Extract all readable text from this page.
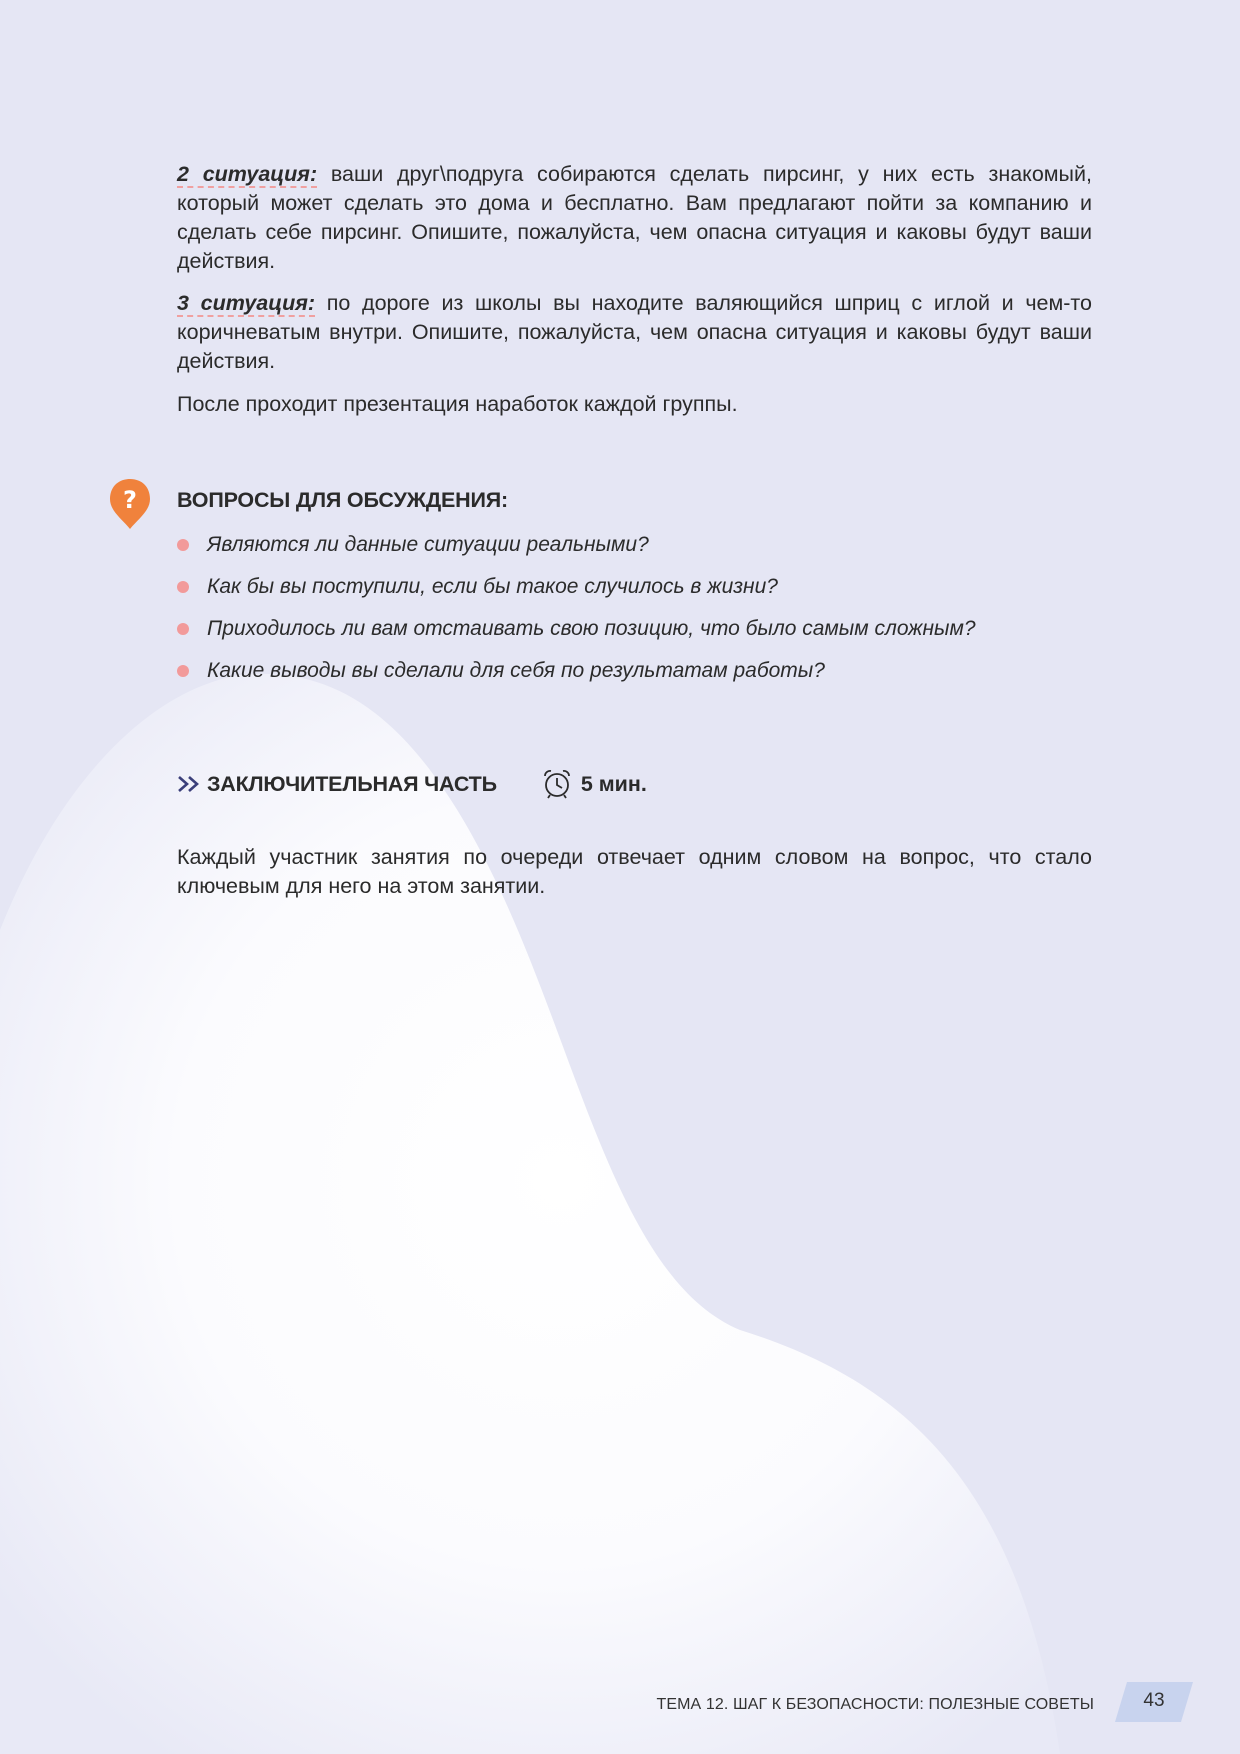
2 ситуация: ваши друг\подруга собираются сделать пирсинг, у них есть знакомый, который может сделать это дома и бесплатно. Вам предлагают пойти за компанию и сделать себе пирсинг. Опишите, пожалуйста, чем опасна ситуация и каковы будут ваши действия.

3 ситуация: по дороге из школы вы находите валяющийся шприц с иглой и чем-то коричневатым внутри. Опишите, пожалуйста, чем опасна ситуация и каковы будут ваши действия.

После проходит презентация наработок каждой группы.

? ВОПРОСЫ ДЛЯ ОБСУЖДЕНИЯ:
Являются ли данные ситуации реальными?
Как бы вы поступили, если бы такое случилось в жизни?
Приходилось ли вам отстаивать свою позицию, что было самым сложным?
Какие выводы вы сделали для себя по результатам работы?
ЗАКЛЮЧИТЕЛЬНАЯ ЧАСТЬ	5 мин.

Каждый участник занятия по очереди отвечает одним словом на вопрос, что стало ключевым для него на этом занятии.

ТЕМА 12. ШАГ К БЕЗОПАСНОСТИ: ПОЛЕЗНЫЕ СОВЕТЫ	43
